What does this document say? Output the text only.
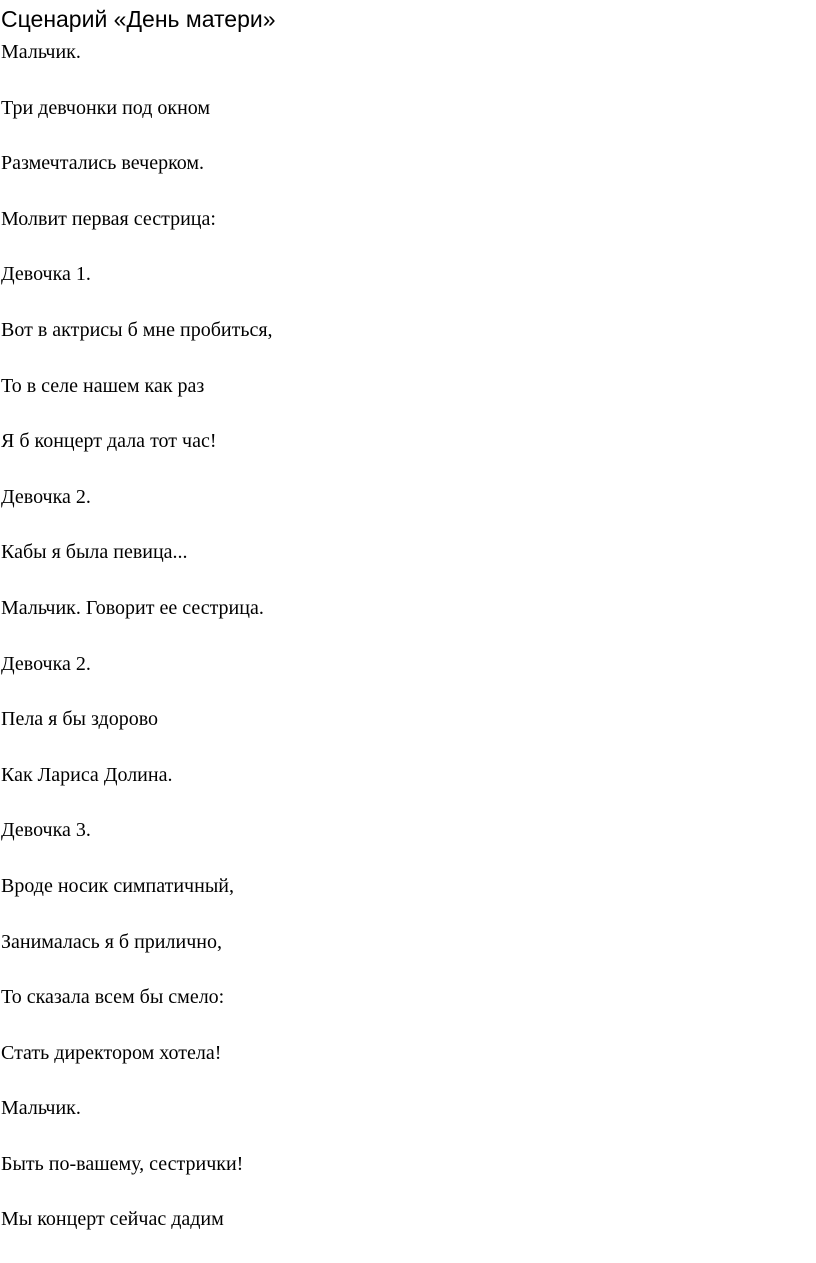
Сценарий «День матери»
Мальчик.
Три девчонки под окном
Размечтались вечерком.
Молвит первая сестрица:
Девочка 1.
Вот в актрисы б мне пробиться,
То в селе нашем как раз
Я б концерт дала тот час!
Девочка 2.
Кабы я была певица...
Мальчик. Говорит ее сестрица.
Девочка 2.
Пела я бы здорово
Как Лариса Долина.
Девочка 3.
Вроде носик симпатичный,
Занималась я б прилично,
То сказала всем бы смело:
Стать директором хотела!
Мальчик.
Быть по-вашему, сестрички!
Мы концерт сейчас дадим
